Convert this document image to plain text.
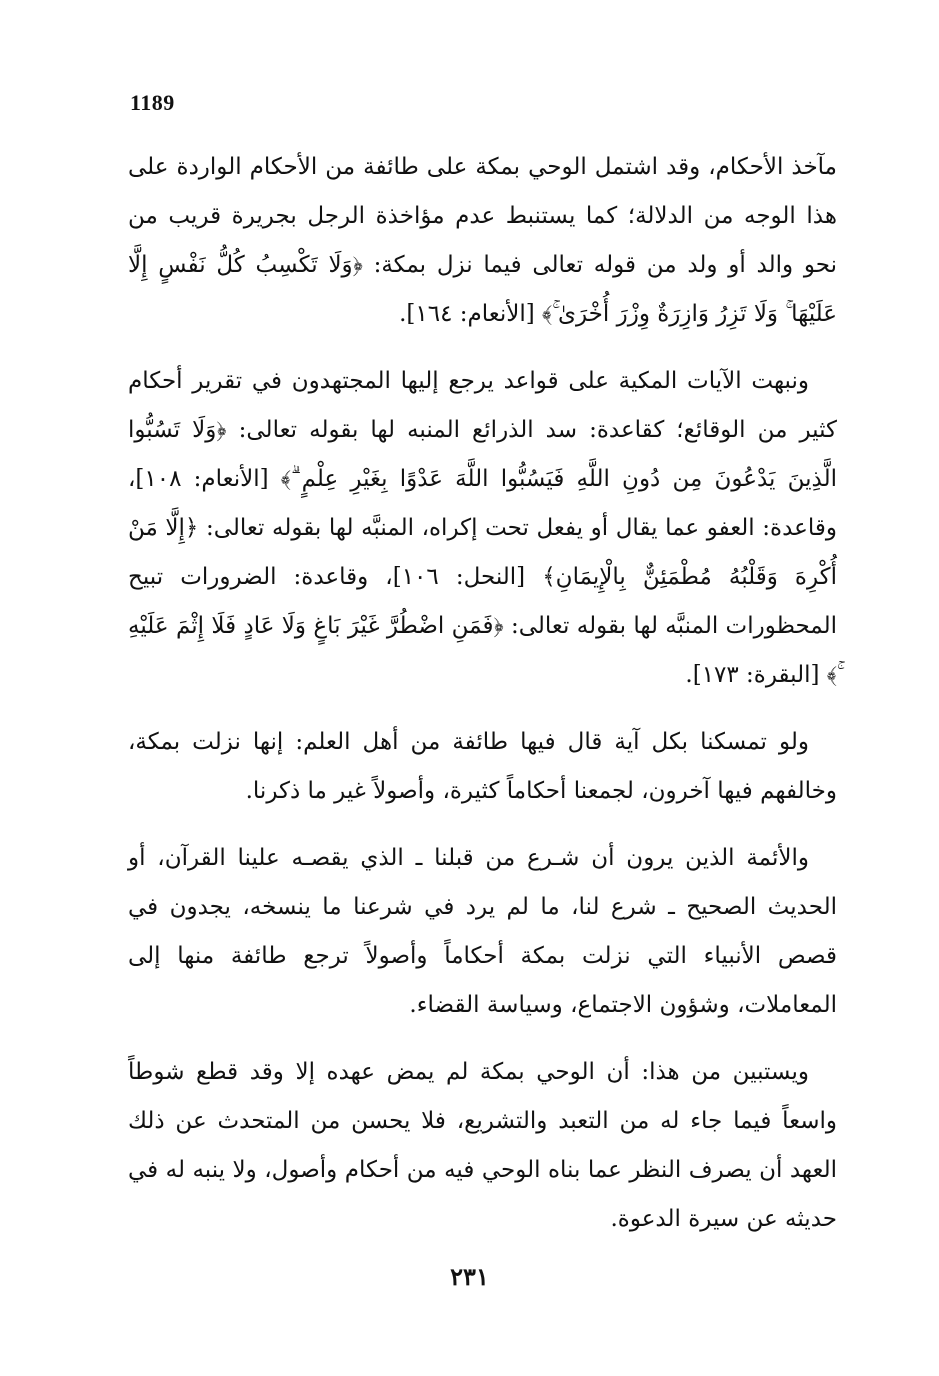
1189

مآخذ الأحكام، وقد اشتمل الوحي بمكة على طائفة من الأحكام الواردة على هذا الوجه من الدلالة؛ كما يستنبط عدم مؤاخذة الرجل بجريرة قريب من نحو والد أو ولد من قوله تعالى فيما نزل بمكة: ﴿وَلَا تَكْسِبُ كُلُّ نَفْسٍ إِلَّا عَلَيْهَا ۚ وَلَا تَزِرُ وَازِرَةٌ وِزْرَ أُخْرَىٰ ۚ﴾ [الأنعام: ١٦٤].

ونبهت الآيات المكية على قواعد يرجع إليها المجتهدون في تقرير أحكام كثير من الوقائع؛ كقاعدة: سد الذرائع المنبه لها بقوله تعالى: ﴿وَلَا تَسُبُّوا الَّذِينَ يَدْعُونَ مِن دُونِ اللَّهِ فَيَسُبُّوا اللَّهَ عَدْوًا بِغَيْرِ عِلْمٍ ۗ﴾ [الأنعام: ١٠٨]، وقاعدة: العفو عما يقال أو يفعل تحت إكراه، المنبَّه لها بقوله تعالى: ﴿إِلَّا مَنْ أُكْرِهَ وَقَلْبُهُ مُطْمَئِنٌّ بِالْإِيمَانِ﴾ [النحل: ١٠٦]، وقاعدة: الضرورات تبيح المحظورات المنبَّه لها بقوله تعالى: ﴿فَمَنِ اضْطُرَّ غَيْرَ بَاغٍ وَلَا عَادٍ فَلَا إِثْمَ عَلَيْهِ ۚ﴾ [البقرة: ١٧٣].

ولو تمسكنا بكل آية قال فيها طائفة من أهل العلم: إنها نزلت بمكة، وخالفهم فيها آخرون، لجمعنا أحكاماً كثيرة، وأصولاً غير ما ذكرنا.

والأئمة الذين يرون أن شـرع من قبلنا ـ الذي يقصـه علينا القرآن، أو الحديث الصحيح ـ شرع لنا، ما لم يرد في شرعنا ما ينسخه، يجدون في قصص الأنبياء التي نزلت بمكة أحكاماً وأصولاً ترجع طائفة منها إلى المعاملات، وشؤون الاجتماع، وسياسة القضاء.

ويستبين من هذا: أن الوحي بمكة لم يمض عهده إلا وقد قطع شوطاً واسعاً فيما جاء له من التعبد والتشريع، فلا يحسن من المتحدث عن ذلك العهد أن يصرف النظر عما بناه الوحي فيه من أحكام وأصول، ولا ينبه له في حديثه عن سيرة الدعوة.

٢٣١
